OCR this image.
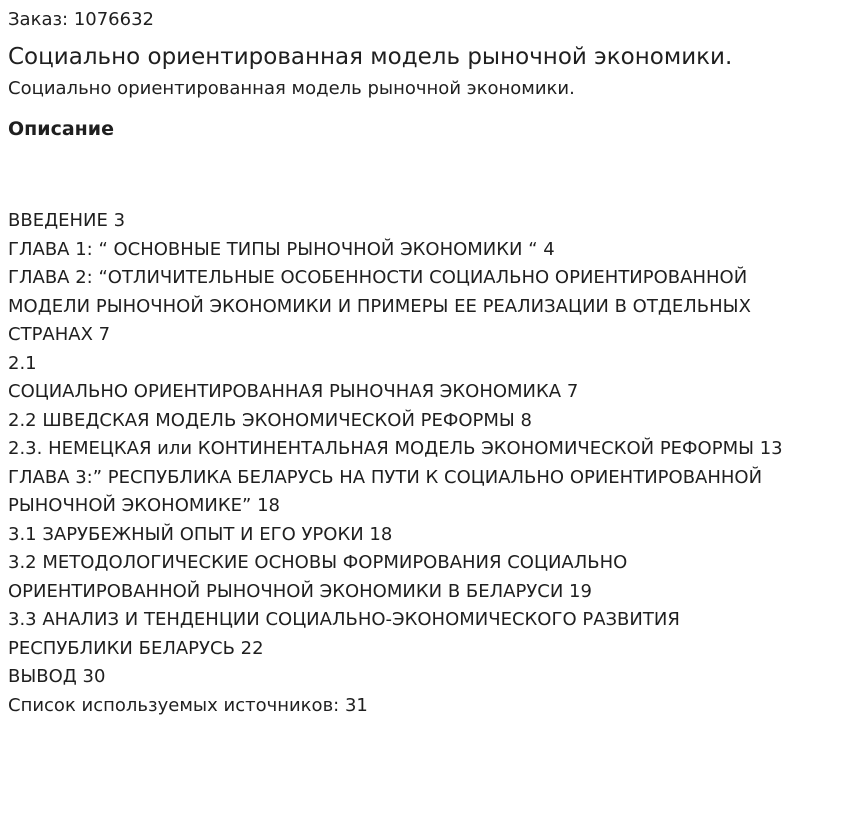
Заказ: 1076632

Социально ориентированная модель рыночной экономики.

Социально ориентированная модель рыночной экономики.

Описание
ВВЕДЕНИЕ 3
ГЛАВА 1: “ ОСНОВНЫЕ ТИПЫ РЫНОЧНОЙ ЭКОНОМИКИ “ 4
ГЛАВА 2: “ОТЛИЧИТЕЛЬНЫЕ ОСОБЕННОСТИ СОЦИАЛЬНО ОРИЕНТИРОВАННОЙ
МОДЕЛИ РЫНОЧНОЙ ЭКОНОМИКИ И ПРИМЕРЫ ЕЕ РЕАЛИЗАЦИИ В ОТДЕЛЬНЫХ
СТРАНАХ 7
2.1
СОЦИАЛЬНО ОРИЕНТИРОВАННАЯ РЫНОЧНАЯ ЭКОНОМИКА 7
2.2 ШВЕДСКАЯ МОДЕЛЬ ЭКОНОМИЧЕСКОЙ РЕФОРМЫ 8
2.3. НЕМЕЦКАЯ или КОНТИНЕНТАЛЬНАЯ МОДЕЛЬ ЭКОНОМИЧЕСКОЙ РЕФОРМЫ 13
ГЛАВА 3:” РЕСПУБЛИКА БЕЛАРУСЬ НА ПУТИ К СОЦИАЛЬНО ОРИЕНТИРОВАННОЙ
РЫНОЧНОЙ ЭКОНОМИКЕ” 18
3.1 ЗАРУБЕЖНЫЙ ОПЫТ И ЕГО УРОКИ 18
3.2 МЕТОДОЛОГИЧЕСКИЕ ОСНОВЫ ФОРМИРОВАНИЯ СОЦИАЛЬНО
ОРИЕНТИРОВАННОЙ РЫНОЧНОЙ ЭКОНОМИКИ В БЕЛАРУСИ 19
3.3 АНАЛИЗ И ТЕНДЕНЦИИ СОЦИАЛЬНО-ЭКОНОМИЧЕСКОГО РАЗВИТИЯ
РЕСПУБЛИКИ БЕЛАРУСЬ 22
ВЫВОД 30
Список используемых источников: 31
